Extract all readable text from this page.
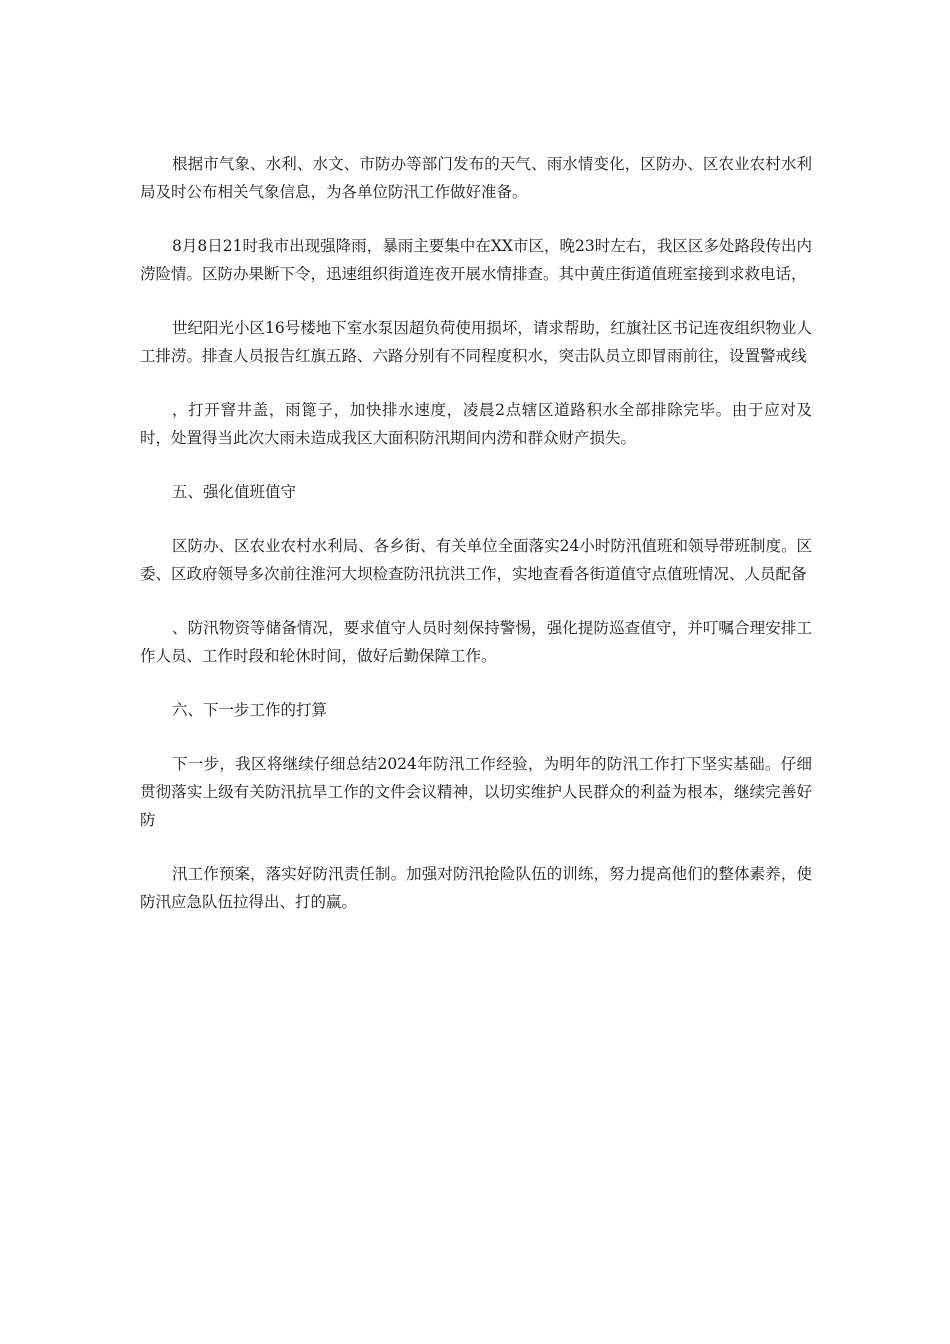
根据市气象、水利、水文、市防办等部门发布的天气、雨水情变化，区防办、区农业农村水利局及时公布相关气象信息，为各单位防汛工作做好准备。

8月8日21时我市出现强降雨，暴雨主要集中在XX市区，晚23时左右，我区区多处路段传出内涝险情。区防办果断下令，迅速组织街道连夜开展水情排查。其中黄庄街道值班室接到求救电话，

世纪阳光小区16号楼地下室水泵因超负荷使用损坏，请求帮助，红旗社区书记连夜组织物业人工排涝。排查人员报告红旗五路、六路分别有不同程度积水，突击队员立即冒雨前往，设置警戒线

，打开窨井盖，雨篦子，加快排水速度，凌晨2点辖区道路积水全部排除完毕。由于应对及时，处置得当此次大雨未造成我区大面积防汛期间内涝和群众财产损失。

五、强化值班值守

区防办、区农业农村水利局、各乡街、有关单位全面落实24小时防汛值班和领导带班制度。区委、区政府领导多次前往淮河大坝检查防汛抗洪工作，实地查看各街道值守点值班情况、人员配备

、防汛物资等储备情况，要求值守人员时刻保持警惕，强化提防巡查值守，并叮嘱合理安排工作人员、工作时段和轮休时间，做好后勤保障工作。

六、下一步工作的打算

下一步，我区将继续仔细总结2024年防汛工作经验，为明年的防汛工作打下坚实基础。仔细贯彻落实上级有关防汛抗旱工作的文件会议精神，以切实维护人民群众的利益为根本，继续完善好防

汛工作预案，落实好防汛责任制。加强对防汛抢险队伍的训练，努力提高他们的整体素养，使防汛应急队伍拉得出、打的赢。
